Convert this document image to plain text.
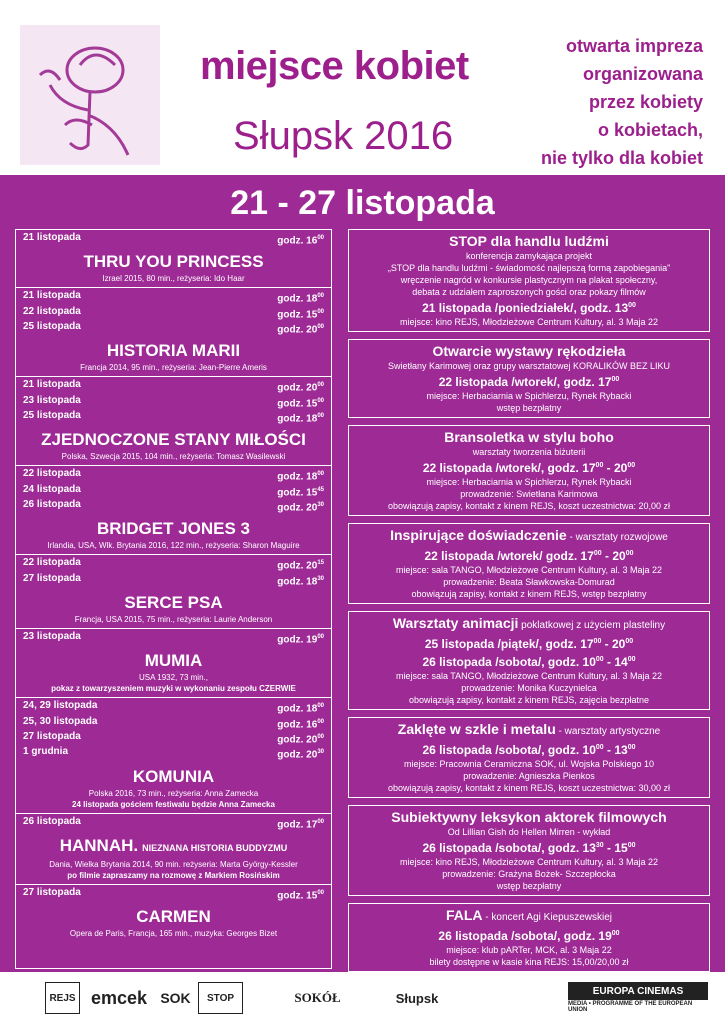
miejsce kobiet
Słupsk 2016
otwarta impreza
organizowana
przez kobiety
o kobietach,
nie tylko dla kobiet
21 - 27 listopada
21 listopada	godz. $16^{00}$
THRU YOU PRINCESS
Izrael 2015, 80 min., reżyseria: Ido Haar
21 listopada	godz. $18^{00}$
22 listopada	godz. $15^{00}$
25 listopada	godz. $20^{00}$
HISTORIA MARII
Francja 2014, 95 min., reżyseria: Jean-Pierre Ameris
21 listopada	godz. $20^{00}$
23 listopada	godz. $15^{00}$
25 listopada	godz. $18^{00}$
ZJEDNOCZONE STANY MIŁOŚCI
Polska, Szwecja 2015, 104 min., reżyseria: Tomasz Wasilewski
22 listopada	godz. $18^{00}$
24 listopada	godz. $15^{45}$
26 listopada	godz. $20^{30}$
BRIDGET JONES 3
Irlandia, USA, Wlk. Brytania 2016, 122 min., reżyseria: Sharon Maguire
22 listopada	godz. $20^{15}$
27 listopada	godz. $18^{30}$
SERCE PSA
Francja, USA 2015, 75 min., reżyseria: Laurie Anderson
23 listopada	godz. $19^{00}$
MUMIA
USA 1932, 73 min.,
pokaz z towarzyszeniem muzyki w wykonaniu zespołu CZERWIE
24, 29 listopada	godz. $18^{00}$
25, 30 listopada	godz. $16^{00}$
27 listopada	godz. $20^{00}$
1 grudnia	godz. $20^{30}$
KOMUNIA
Polska 2016, 73 min., reżyseria: Anna Zamecka
24 listopada gościem festiwalu będzie Anna Zamecka
26 listopada	godz. $17^{00}$
HANNAH. NIEZNANA HISTORIA BUDDYZMU
Dania, Wielka Brytania 2014, 90 min. reżyseria: Marta György-Kessler
po filmie zapraszamy na rozmowę z Markiem Rosińskim
27 listopada	godz. $15^{00}$
CARMEN
Opera de Paris, Francja, 165 min., muzyka: Georges Bizet
STOP dla handlu ludźmi
konferencja zamykająca projekt
„STOP dla handlu ludźmi - świadomość najlepszą formą zapobiegania”
wręczenie nagród w konkursie plastycznym na plakat społeczny,
debata z udziałem zaproszonych gości oraz pokazy filmów
21 listopada /poniedziałek/, godz. $13^{00}$
miejsce: kino REJS, Młodzieżowe Centrum Kultury, al. 3 Maja 22
Otwarcie wystawy rękodzieła
Swietłany Karimowej oraz grupy warsztatowej KORALIKÓW BEZ LIKU
22 listopada /wtorek/, godz. $17^{00}$
miejsce: Herbaciarnia w Spichlerzu, Rynek Rybacki
wstęp bezpłatny
Bransoletka w stylu boho
warsztaty tworzenia biżuterii
22 listopada /wtorek/, godz. $17^{00} - 20^{00}$
miejsce: Herbaciarnia w Spichlerzu, Rynek Rybacki
prowadzenie: Swietłana Karimowa
obowiązują zapisy, kontakt z kinem REJS, koszt uczestnictwa: 20,00 zł
Inspirujące doświadczenie - warsztaty rozwojowe
22 listopada /wtorek/ godz. $17^{00} - 20^{00}$
miejsce: sala TANGO, Młodzieżowe Centrum Kultury, al. 3 Maja 22
prowadzenie: Beata Sławkowska-Domurad
obowiązują zapisy, kontakt z kinem REJS, wstęp bezpłatny
Warsztaty animacji poklatkowej z użyciem plasteliny
25 listopada /piątek/, godz. $17^{00} - 20^{00}$
26 listopada /sobota/, godz. $10^{00} - 14^{00}$
miejsce: sala TANGO, Młodzieżowe Centrum Kultury, al. 3 Maja 22
prowadzenie: Monika Kuczynielca
obowiązują zapisy, kontakt z kinem REJS, zajęcia bezpłatne
Zaklęte w szkle i metalu - warsztaty artystyczne
26 listopada /sobota/, godz. $10^{00} - 13^{00}$
miejsce: Pracownia Ceramiczna SOK, ul. Wojska Polskiego 10
prowadzenie: Agnieszka Pienkos
obowiązują zapisy, kontakt z kinem REJS, koszt uczestnictwa: 30,00 zł
Subiektywny leksykon aktorek filmowych
Od Lillian Gish do Hellen Mirren - wykład
26 listopada /sobota/, godz. $13^{30} - 15^{00}$
miejsce: kino REJS, Młodzieżowe Centrum Kultury, al. 3 Maja 22
prowadzenie: Grażyna Bożek- Szczepłocka
wstęp bezpłatny
FALA - koncert Agi Kiepuszewskiej
26 listopada /sobota/, godz. $19^{00}$
miejsce: klub pARTer, MCK, al. 3 Maja 22
bilety dostępne w kasie kina REJS: 15,00/20,00 zł
REJS emcek SOK	STOP	SOKÓŁ	Słupsk	EUROPA CINEMAS
MEDIA • PROGRAMME OF THE EUROPEAN UNION
